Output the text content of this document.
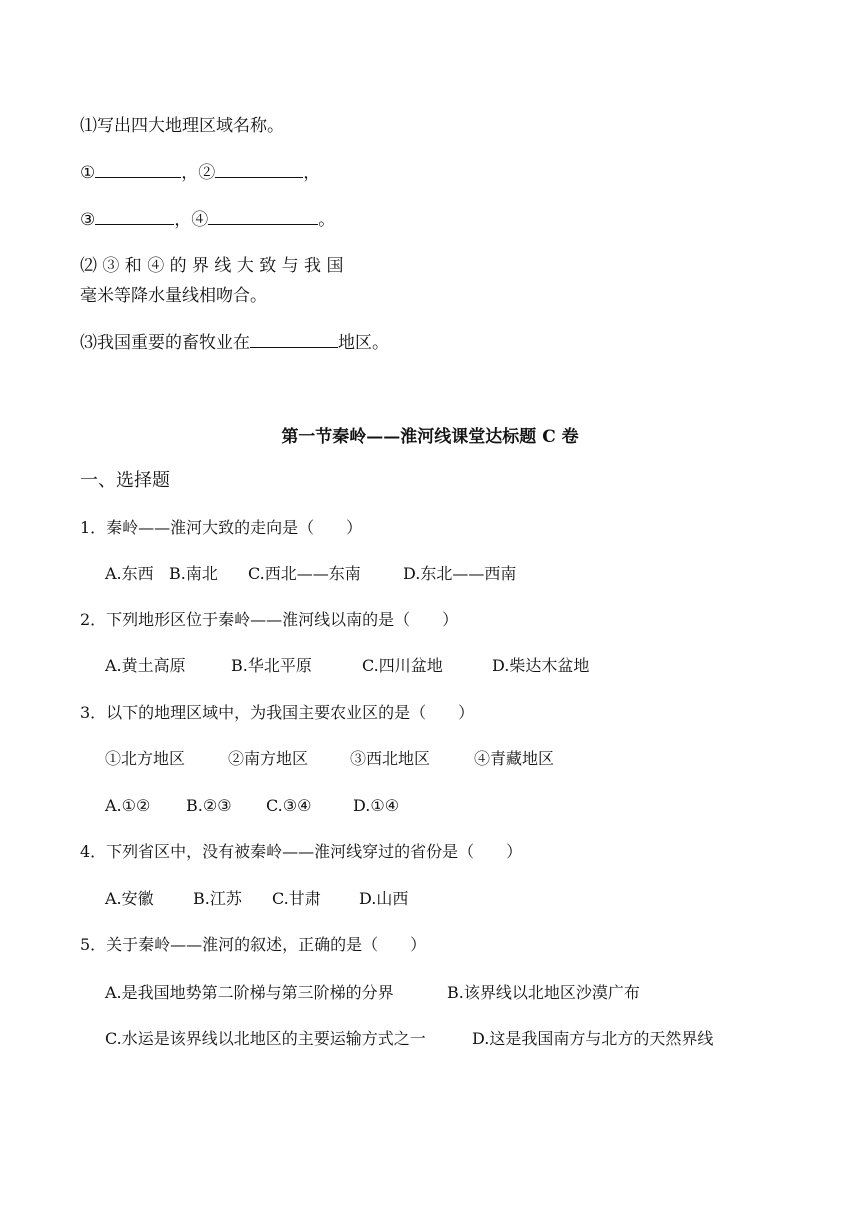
⑴写出四大地理区域名称。
①	，②	，
③	，④	。
⑵ ③ 和 ④ 的 界 线 大 致 与 我 国
毫米等降水量线相吻合。
⑶我国重要的畜牧业在	地区。
第一节秦岭——淮河线课堂达标题 C 卷
一、选择题
1．秦岭——淮河大致的走向是（　　）
A.东西 B.南北 C.西北——东南	D.东北——西南
2．下列地形区位于秦岭——淮河线以南的是（　　）
A.黄土高原	B.华北平原	C.四川盆地	D.柴达木盆地
3．以下的地理区域中，为我国主要农业区的是（　　）
①北方地区	②南方地区	③西北地区	④青藏地区
A.①② B.②③ C.③④	D.①④
4．下列省区中，没有被秦岭——淮河线穿过的省份是（　　）
A.安徽 B.江苏 C.甘肃 D.山西
5．关于秦岭——淮河的叙述，正确的是（　　）
A.是我国地势第二阶梯与第三阶梯的分界	B.该界线以北地区沙漠广布
C.水运是该界线以北地区的主要运输方式之一	D.这是我国南方与北方的天然界线
